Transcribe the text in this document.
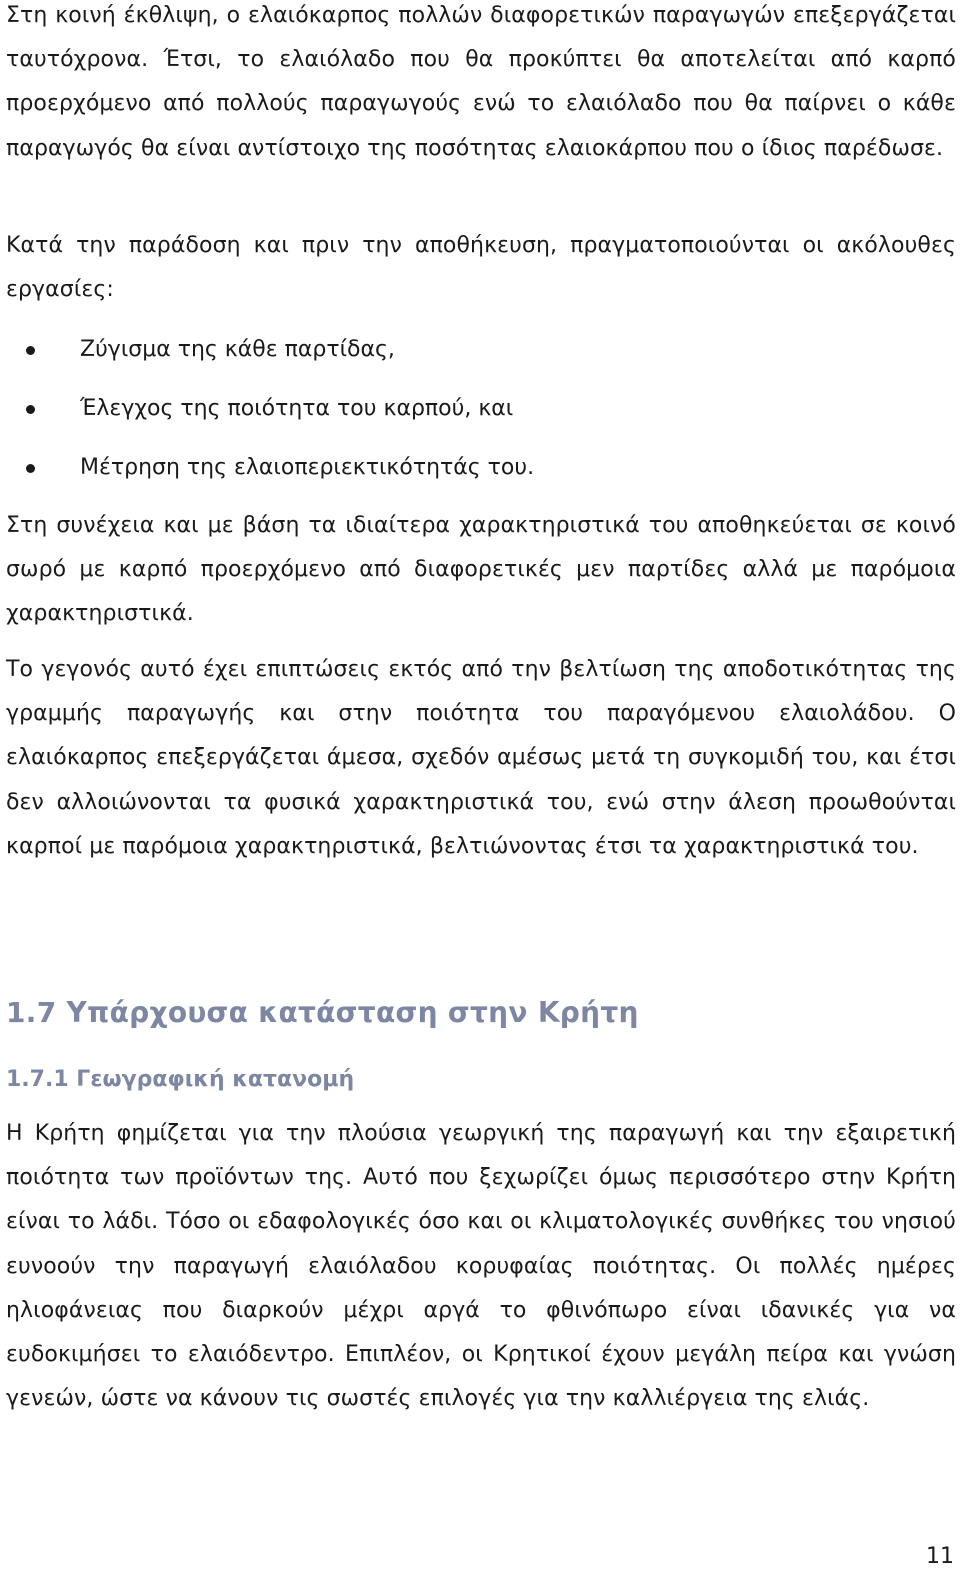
Στη κοινή έκθλιψη, ο ελαιόκαρπος πολλών διαφορετικών παραγωγών επεξεργάζεται ταυτόχρονα. Έτσι, το ελαιόλαδο που θα προκύπτει θα αποτελείται από καρπό προερχόμενο από πολλούς παραγωγούς ενώ το ελαιόλαδο που θα παίρνει ο κάθε παραγωγός θα είναι αντίστοιχο της ποσότητας ελαιοκάρπου που ο ίδιος παρέδωσε.

Κατά την παράδοση και πριν την αποθήκευση, πραγματοποιούνται οι ακόλουθες εργασίες:

Ζύγισμα της κάθε παρτίδας,
Έλεγχος της ποιότητα του καρπού, και
Μέτρηση της ελαιοπεριεκτικότητάς του.

Στη συνέχεια και με βάση τα ιδιαίτερα χαρακτηριστικά του αποθηκεύεται σε κοινό σωρό με καρπό προερχόμενο από διαφορετικές μεν παρτίδες αλλά με παρόμοια χαρακτηριστικά.

Το γεγονός αυτό έχει επιπτώσεις εκτός από την βελτίωση της αποδοτικότητας της γραμμής παραγωγής και στην ποιότητα του παραγόμενου ελαιολάδου. Ο ελαιόκαρπος επεξεργάζεται άμεσα, σχεδόν αμέσως μετά τη συγκομιδή του, και έτσι δεν αλλοιώνονται τα φυσικά χαρακτηριστικά του, ενώ στην άλεση προωθούνται καρποί με παρόμοια χαρακτηριστικά, βελτιώνοντας έτσι τα χαρακτηριστικά του.

1.7 Υπάρχουσα κατάσταση στην Κρήτη
1.7.1 Γεωγραφική κατανομή

Η Κρήτη φημίζεται για την πλούσια γεωργική της παραγωγή και την εξαιρετική ποιότητα των προϊόντων της. Αυτό που ξεχωρίζει όμως περισσότερο στην Κρήτη είναι το λάδι. Τόσο οι εδαφολογικές όσο και οι κλιματολογικές συνθήκες του νησιού ευνοούν την παραγωγή ελαιόλαδου κορυφαίας ποιότητας. Οι πολλές ημέρες ηλιοφάνειας που διαρκούν μέχρι αργά το φθινόπωρο είναι ιδανικές για να ευδοκιμήσει το ελαιόδεντρο. Επιπλέον, οι Κρητικοί έχουν μεγάλη πείρα και γνώση γενεών, ώστε να κάνουν τις σωστές επιλογές για την καλλιέργεια της ελιάς.

11
